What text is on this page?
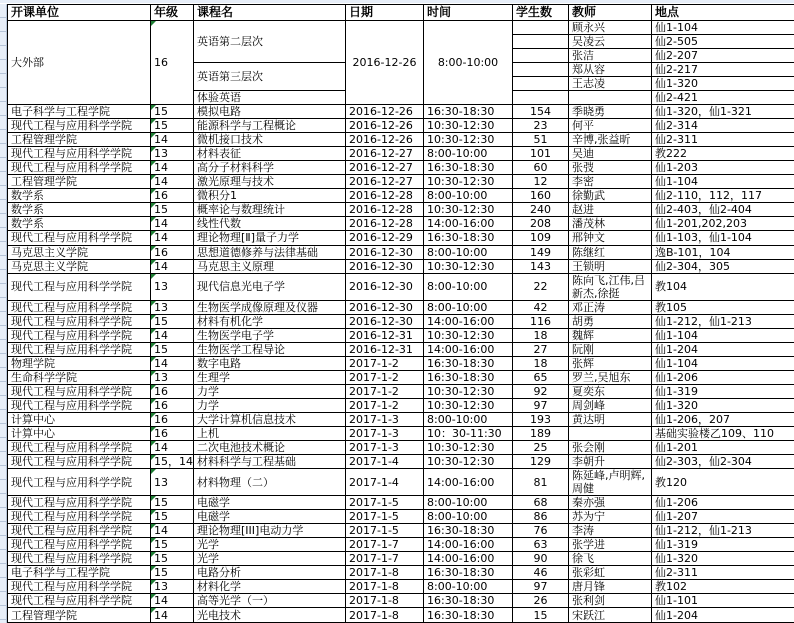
开课单位	年级	课程名	日期	时间	学生数	教师	地点
大外部	16	英语第二层次	2016-12-26	8:00-10:00		顾永兴	仙1-104
						吴凌云	仙2-505
						张洁	仙2-207
		英语第三层次				郑从容	仙2-217
						王志凌	仙1-320
		体验英语					仙2-421
电子科学与工程学院	15	模拟电路	2016-12-26	16:30-18:30	154	季晓勇	仙1-320，仙1-321
现代工程与应用科学学院	15	能源科学与工程概论	2016-12-26	10:30-12:30	23	何平	仙2-314
工程管理学院	14	微机接口技术	2016-12-26	10:30-12:30	51	辛博,张益昕	仙2-311
现代工程与应用科学学院	13	材料表征	2016-12-27	8:00-10:00	101	吴迪	教222
现代工程与应用科学学院	14	高分子材料科学	2016-12-27	16:30-18:30	60	张弢	仙1-203
工程管理学院	14	激光原理与技术	2016-12-27	10:30-12:30	12	李密	仙1-104
数学系	16	微积分1	2016-12-28	8:00-10:00	160	徐勤武	仙2-110，112，117
数学系	15	概率论与数理统计	2016-12-28	10:30-12:30	240	赵进	仙2-403，仙2-404
数学系	14	线性代数	2016-12-28	14:00-16:00	208	潘茂林	仙1-201,202,203
现代工程与应用科学学院	14	理论物理[Ⅱ]量子力学	2016-12-29	16:30-18:30	109	邢钟文	仙1-103，仙1-104
马克思主义学院	16	思想道德修养与法律基础	2016-12-30	8:00-10:00	149	陈继红	逸B-101，104
马克思主义学院	14	马克思主义原理	2016-12-30	10:30-12:30	143	王锁明	仙2-304，305
现代工程与应用科学学院	13	现代信息光电子学	2016-12-30	8:00-10:00	22	陈向飞,江伟,吕新杰,徐挺	教104
现代工程与应用科学学院	13	生物医学成像原理及仪器	2016-12-30	8:00-10:00	42	邓正涛	教105
现代工程与应用科学学院	15	材料有机化学	2016-12-30	14:00-16:00	116	胡勇	仙1-212，仙1-213
现代工程与应用科学学院	14	生物医学电子学	2016-12-31	10:30-12:30	18	魏辉	仙1-104
现代工程与应用科学学院	15	生物医学工程导论	2016-12-31	14:00-16:00	27	阮刚	仙1-204
物理学院	14	数字电路	2017-1-2	16:30-18:30	18	张辉	仙1-104
生命科学学院	13	生理学	2017-1-2	16:30-18:30	65	罗兰,吴旭东	仙1-206
现代工程与应用科学学院	16	力学	2017-1-2	10:30-12:30	92	夏奕东	仙1-319
现代工程与应用科学学院	16	力学	2017-1-2	10:30-12:30	97	周剑峰	仙1-320
计算中心	16	大学计算机信息技术	2017-1-3	8:00-10:00	193	黄达明	仙1-206，207
计算中心	16	上机	2017-1-3	10：30-11:30	189		基础实验楼乙109、110
现代工程与应用科学学院	14	二次电池技术概论	2017-1-3	10:30-12:30	25	张会刚	仙1-201
现代工程与应用科学学院	15，14	材料科学与工程基础	2017-1-4	10:30-12:30	129	李朝升	仙2-303，仙2-304
现代工程与应用科学学院	13	材料物理（二）	2017-1-4	14:00-16:00	81	陈延峰,卢明辉,周健	教120
现代工程与应用科学学院	15	电磁学	2017-1-5	8:00-10:00	68	秦亦强	仙1-206
现代工程与应用科学学院	15	电磁学	2017-1-5	8:00-10:00	86	苏为宁	仙1-207
现代工程与应用科学学院	14	理论物理[III]电动力学	2017-1-5	16:30-18:30	76	李涛	仙1-212，仙1-213
现代工程与应用科学学院	15	光学	2017-1-7	14:00-16:00	63	张学进	仙1-319
现代工程与应用科学学院	15	光学	2017-1-7	14:00-16:00	90	徐飞	仙1-320
电子科学与工程学院	15	电路分析	2017-1-8	16:30-18:30	46	张彩虹	仙2-311
现代工程与应用科学学院	13	材料化学	2017-1-8	8:00-10:00	97	唐月锋	教102
现代工程与应用科学学院	14	高等光学（一）	2017-1-8	16:30-18:30	26	张利剑	仙1-101
工程管理学院	14	光电技术	2017-1-8	16:30-18:30	15	宋跃江	仙1-204
